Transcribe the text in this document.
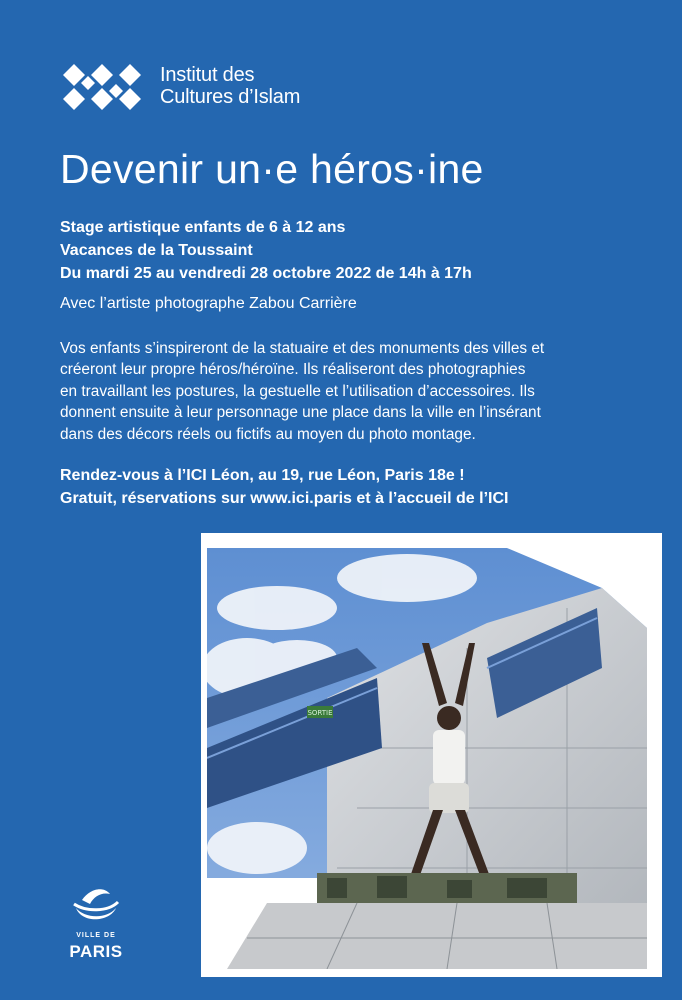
Institut des
Cultures d’Islam
Devenir un·e héros·ine
Stage artistique enfants de 6 à 12 ans
Vacances de la Toussaint
Du mardi 25 au vendredi 28 octobre 2022 de 14h à 17h
Avec l’artiste photographe Zabou Carrière
Vos enfants s’inspireront de la statuaire et des monuments des villes et
créeront leur propre héros/héroïne. Ils réaliseront des photographies
en travaillant les postures, la gestuelle et l’utilisation d’accessoires. Ils
donnent ensuite à leur personnage une place dans la ville en l’insérant
dans des décors réels ou fictifs au moyen du photo montage.
Rendez-vous à l’ICI Léon, au 19, rue Léon, Paris 18e !
Gratuit, réservations sur www.ici.paris et à l’accueil de l’ICI
SORTIE
VILLE DE
PARIS
